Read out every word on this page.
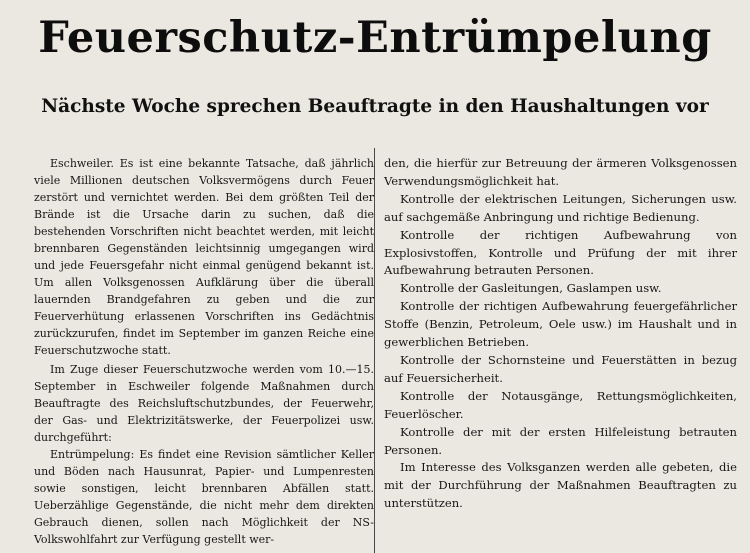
Feuerschutz-Entrümpelung
Nächste Woche sprechen Beauftragte in den Haushaltungen vor

Eschweiler. Es ist eine bekannte Tatsache, daß jährlich viele Millionen deutschen Volksvermögens durch Feuer zerstört und vernichtet werden. Bei dem größten Teil der Brände ist die Ursache darin zu suchen, daß die bestehenden Vorschriften nicht beachtet werden, mit leicht brennbaren Gegenständen leichtsinnig umgegangen wird und jede Feuersgefahr nicht einmal genügend bekannt ist. Um allen Volksgenossen Aufklärung über die überall lauernden Brandgefahren zu geben und die zur Feuerverhütung erlassenen Vorschriften ins Gedächtnis zurückzurufen, findet im September im ganzen Reiche eine Feuerschutzwoche statt.

Im Zuge dieser Feuerschutzwoche werden vom 10.—15. September in Eschweiler folgende Maßnahmen durch Beauftragte des Reichsluftschutzbundes, der Feuerwehr, der Gas- und Elektrizitätswerke, der Feuerpolizei usw. durchgeführt:

Entrümpelung: Es findet eine Revision sämtlicher Keller und Böden nach Hausunrat, Papier- und Lumpenresten sowie sonstigen, leicht brennbaren Abfällen statt. Ueberzählige Gegenstände, die nicht mehr dem direkten Gebrauch dienen, sollen nach Möglichkeit der NS-Volkswohlfahrt zur Verfügung gestellt wer-

den, die hierfür zur Betreuung der ärmeren Volksgenossen Verwendungsmöglichkeit hat.

Kontrolle der elektrischen Leitungen, Sicherungen usw. auf sachgemäße Anbringung und richtige Bedienung.

Kontrolle der richtigen Aufbewahrung von Explosivstoffen, Kontrolle und Prüfung der mit ihrer Aufbewahrung betrauten Personen.

Kontrolle der Gasleitungen, Gaslampen usw.

Kontrolle der richtigen Aufbewahrung feuergefährlicher Stoffe (Benzin, Petroleum, Oele usw.) im Haushalt und in gewerblichen Betrieben.

Kontrolle der Schornsteine und Feuerstätten in bezug auf Feuersicherheit.

Kontrolle der Notausgänge, Rettungsmöglichkeiten, Feuerlöscher.

Kontrolle der mit der ersten Hilfeleistung betrauten Personen.

Im Interesse des Volksganzen werden alle gebeten, die mit der Durchführung der Maßnahmen Beauftragten zu unterstützen.
